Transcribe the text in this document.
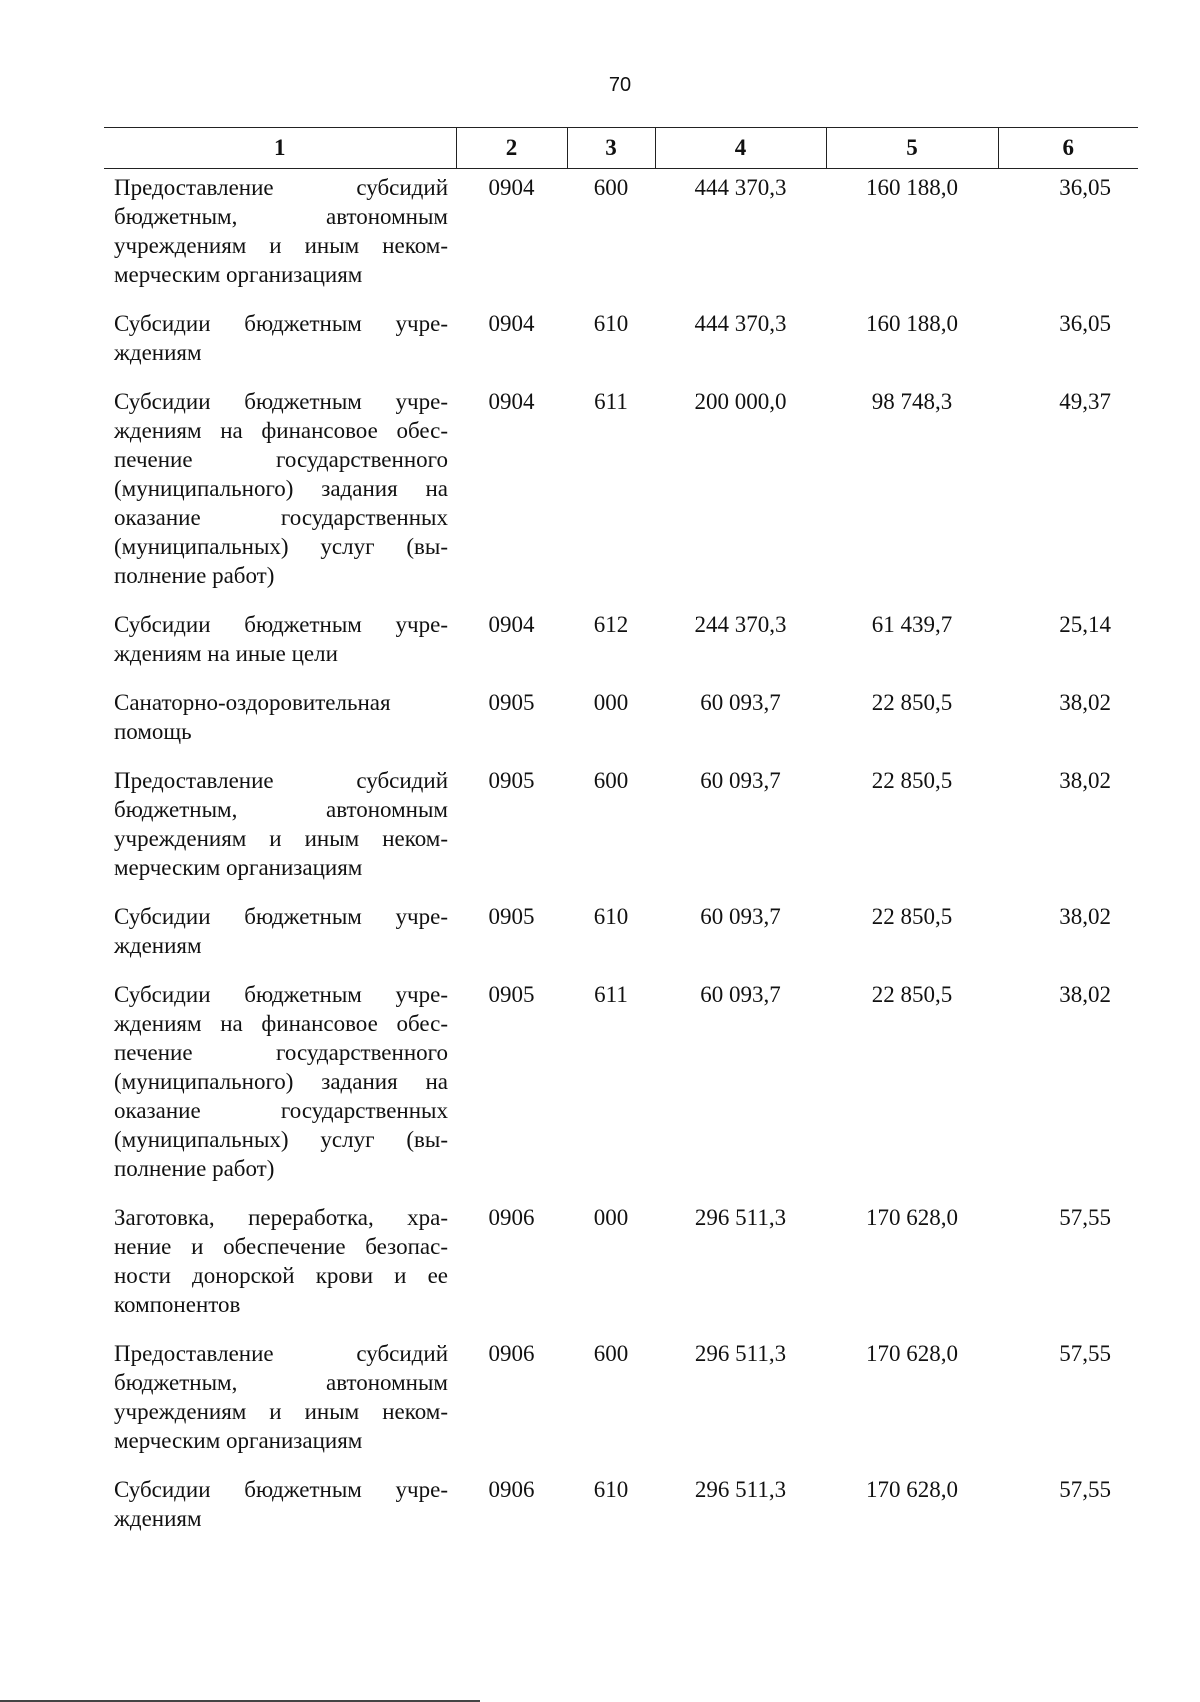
70
1	2	3	4	5	6
Предоставление субсидий бюджетным, автономным учреждениям и иным неком-мерческим организациям	0904	600	444 370,3	160 188,0	36,05
Субсидии бюджетным учре-ждениям	0904	610	444 370,3	160 188,0	36,05
Субсидии бюджетным учре-ждениям на финансовое обес-печение государственного (муниципального) задания на оказание государственных (муниципальных) услуг (вы-полнение работ)	0904	611	200 000,0	98 748,3	49,37
Субсидии бюджетным учре-ждениям на иные цели	0904	612	244 370,3	61 439,7	25,14
Санаторно-оздоровительная помощь	0905	000	60 093,7	22 850,5	38,02
Предоставление субсидий бюджетным, автономным учреждениям и иным неком-мерческим организациям	0905	600	60 093,7	22 850,5	38,02
Субсидии бюджетным учре-ждениям	0905	610	60 093,7	22 850,5	38,02
Субсидии бюджетным учре-ждениям на финансовое обес-печение государственного (муниципального) задания на оказание государственных (муниципальных) услуг (вы-полнение работ)	0905	611	60 093,7	22 850,5	38,02
Заготовка, переработка, хра-нение и обеспечение безопас-ности донорской крови и ее компонентов	0906	000	296 511,3	170 628,0	57,55
Предоставление субсидий бюджетным, автономным учреждениям и иным неком-мерческим организациям	0906	600	296 511,3	170 628,0	57,55
Субсидии бюджетным учре-ждениям	0906	610	296 511,3	170 628,0	57,55
